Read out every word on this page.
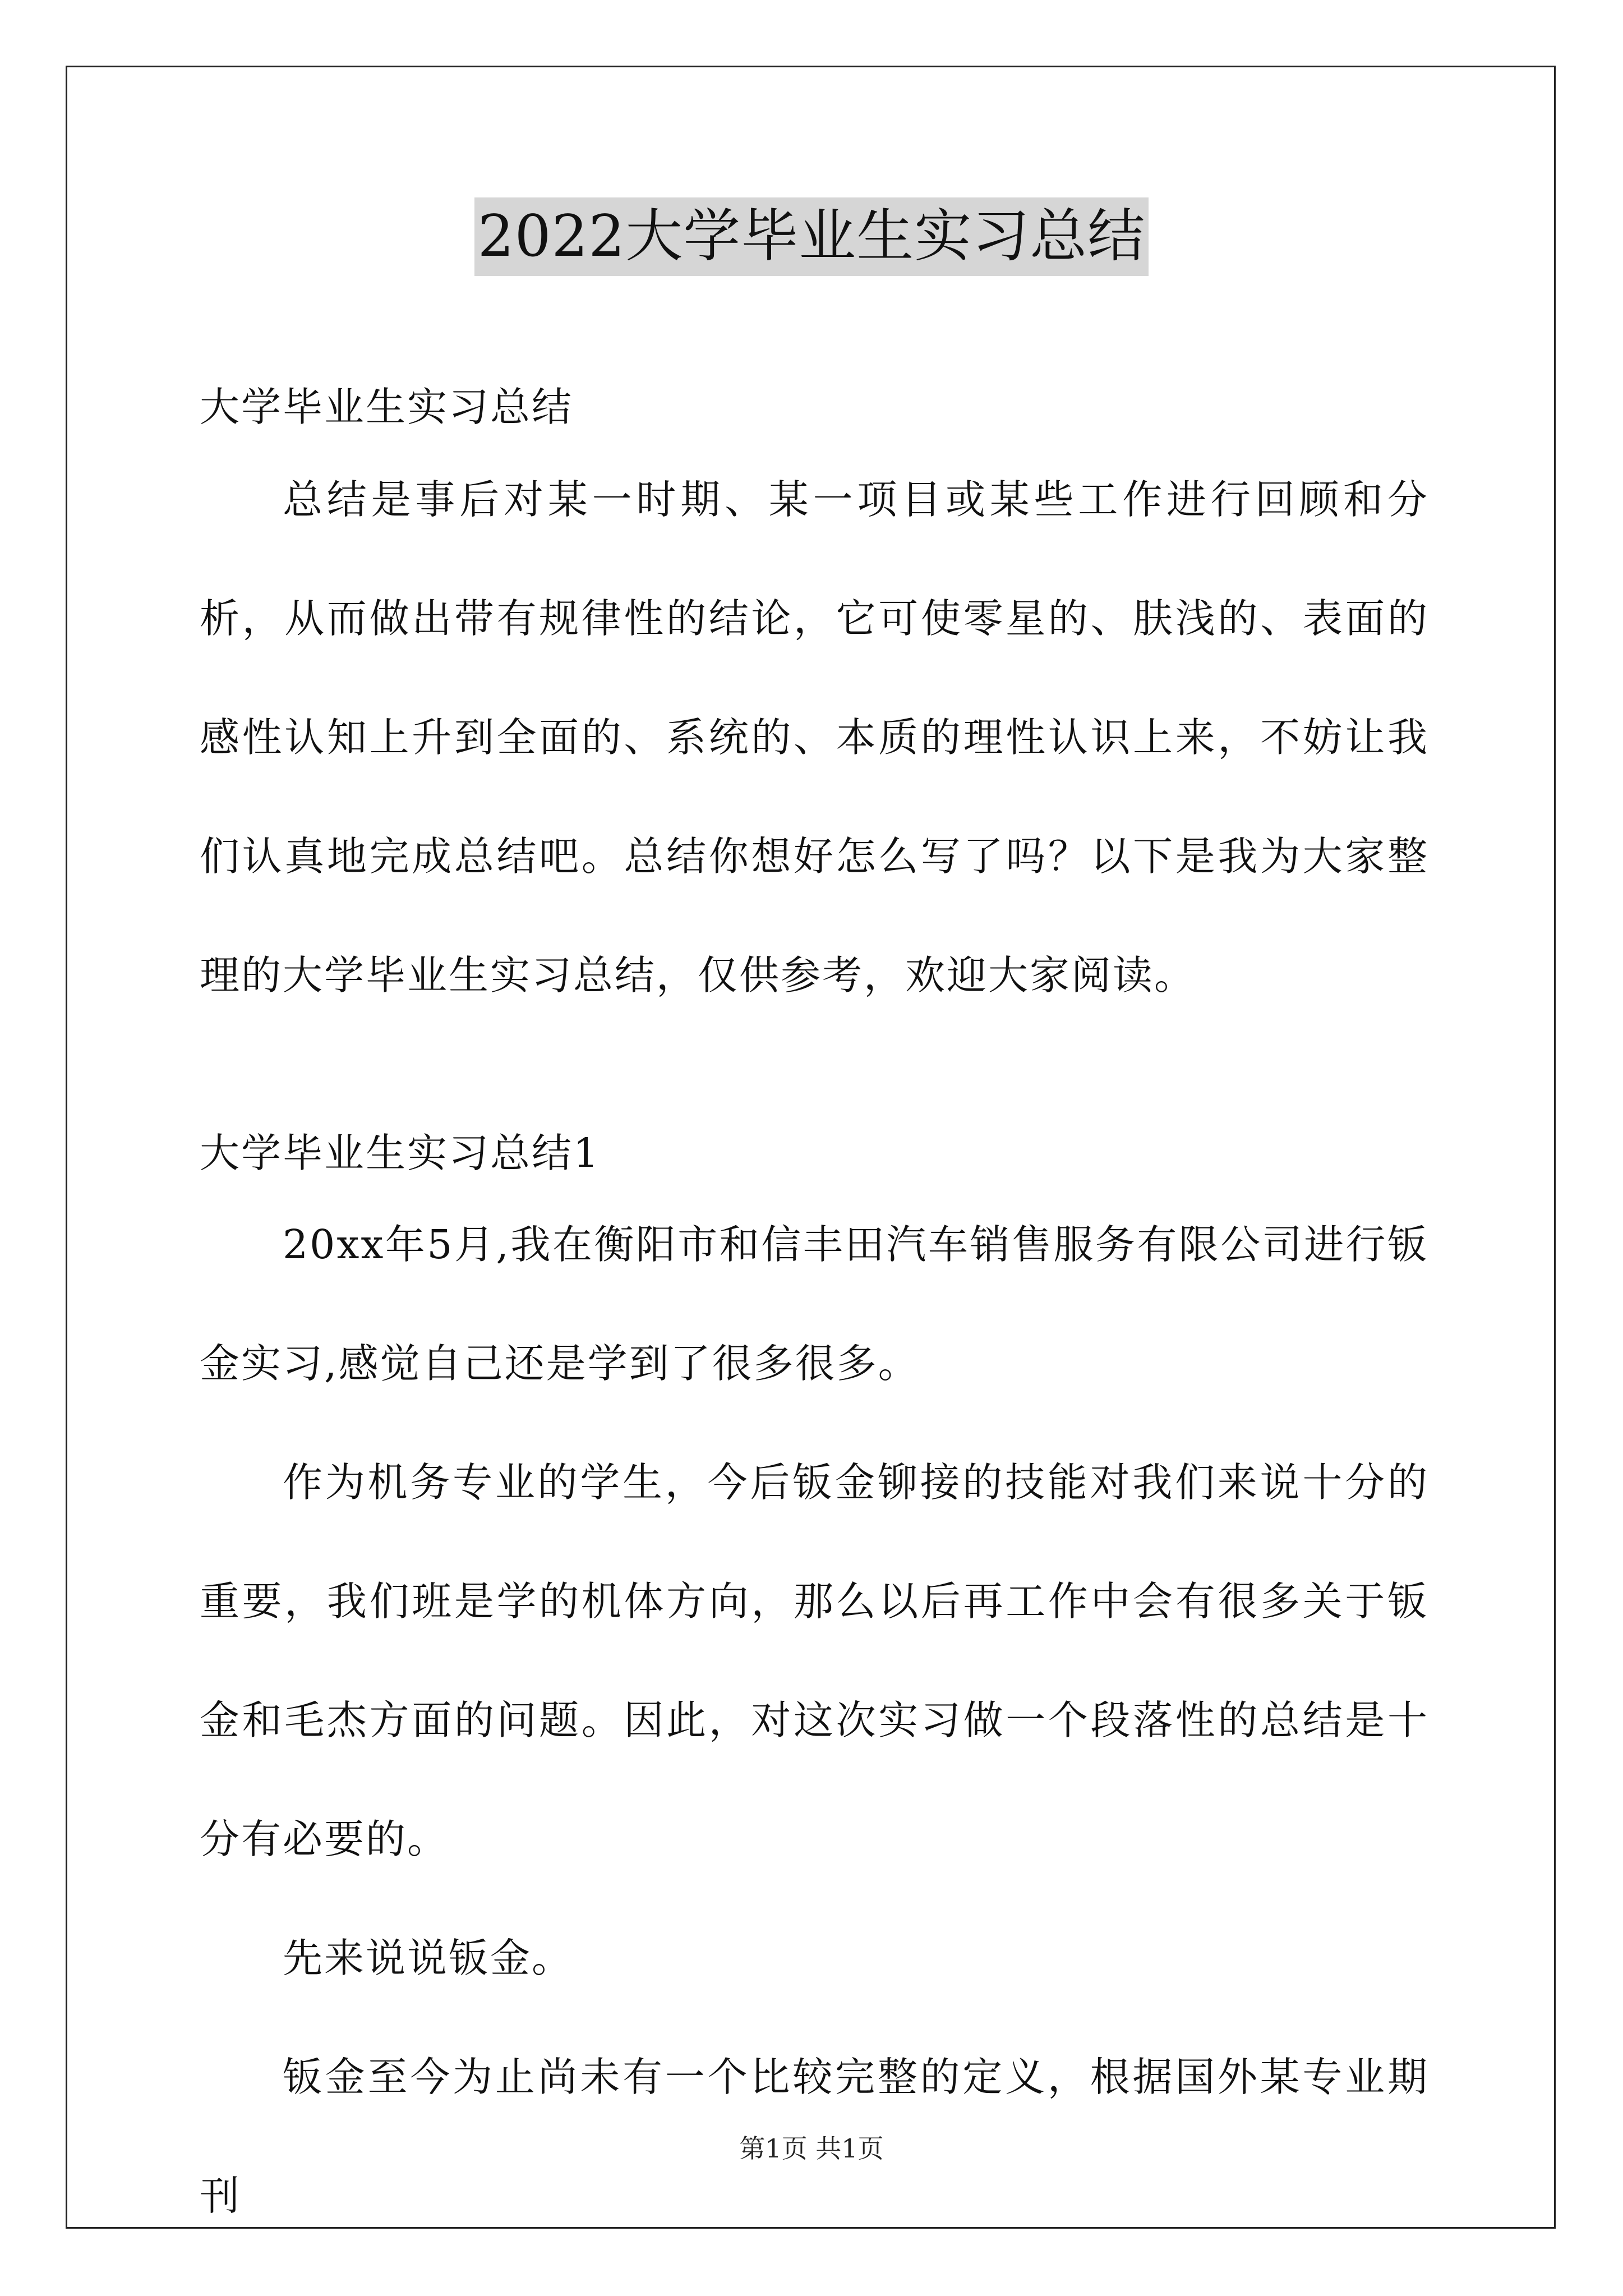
2022大学毕业生实习总结

大学毕业生实习总结

总结是事后对某一时期、某一项目或某些工作进行回顾和分析，从而做出带有规律性的结论，它可使零星的、肤浅的、表面的感性认知上升到全面的、系统的、本质的理性认识上来，不妨让我们认真地完成总结吧。总结你想好怎么写了吗？以下是我为大家整理的大学毕业生实习总结，仅供参考，欢迎大家阅读。

大学毕业生实习总结1

20xx年5月,我在衡阳市和信丰田汽车销售服务有限公司进行钣金实习,感觉自己还是学到了很多很多。

作为机务专业的学生，今后钣金铆接的技能对我们来说十分的重要，我们班是学的机体方向，那么以后再工作中会有很多关于钣金和毛杰方面的问题。因此，对这次实习做一个段落性的总结是十分有必要的。

先来说说钣金。

钣金至今为止尚未有一个比较完整的定义，根据国外某专业期刊

第1页 共1页
